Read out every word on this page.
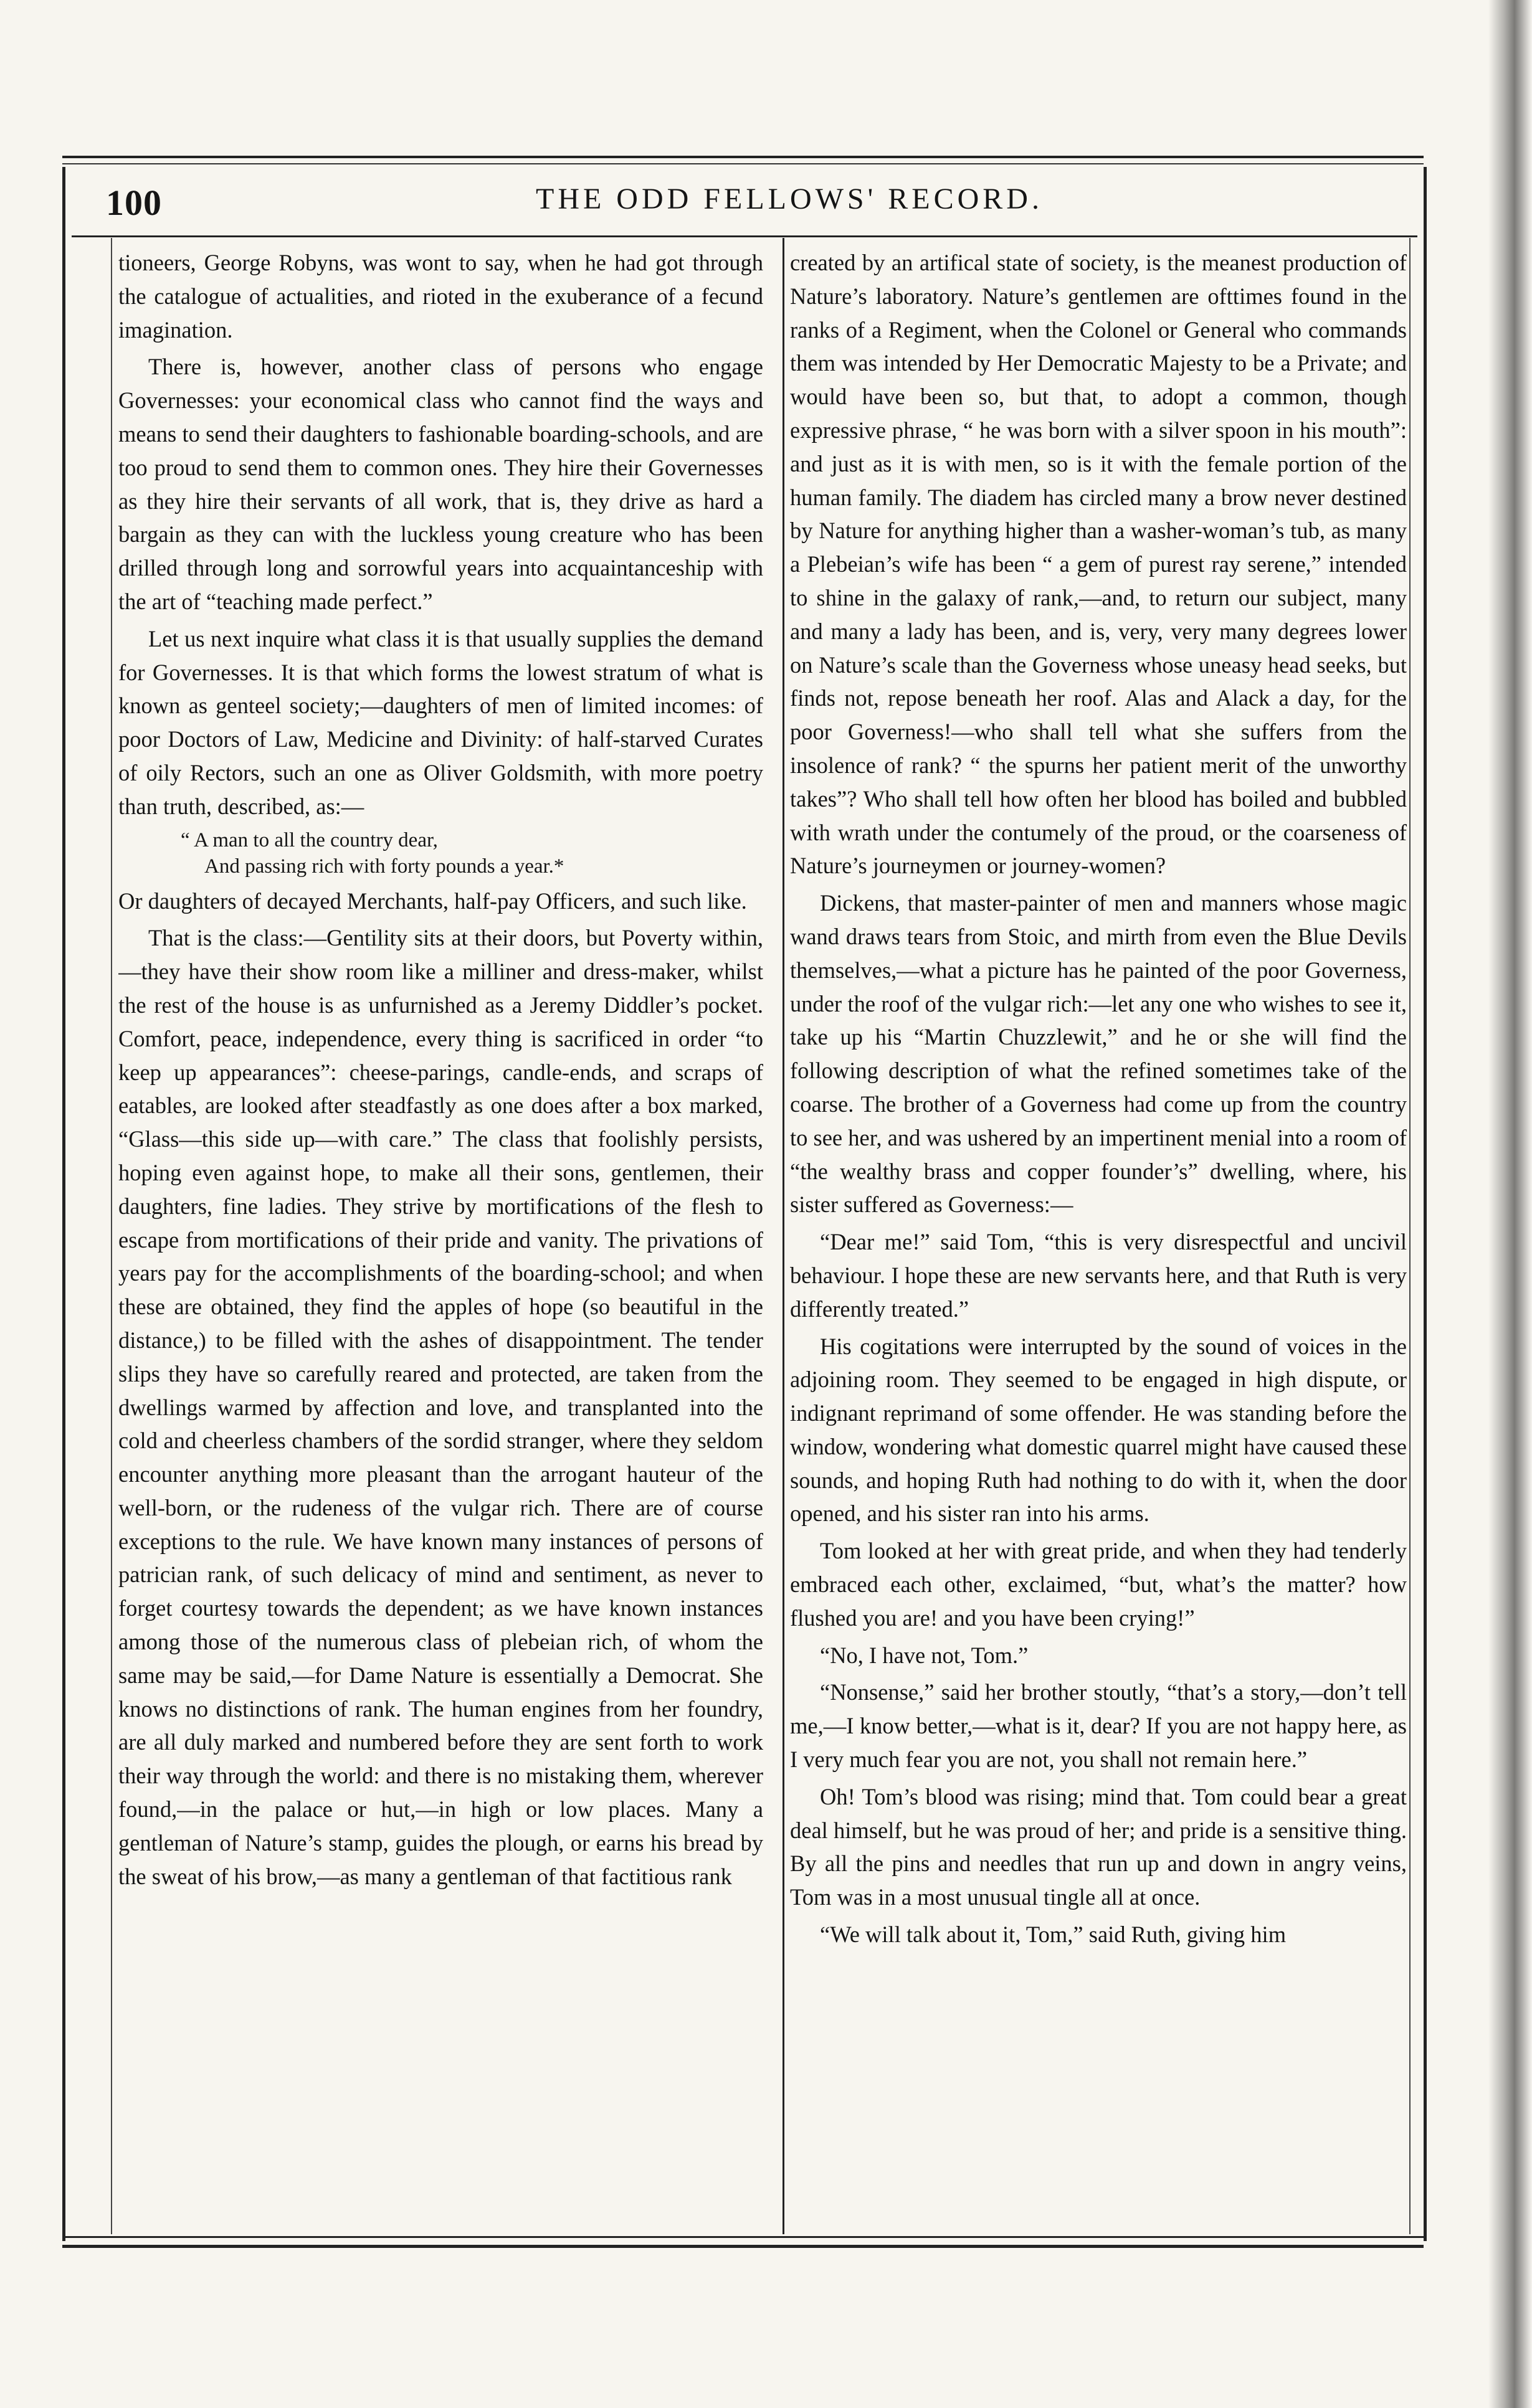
100	THE ODD FELLOWS' RECORD.

tioneers, George Robyns, was wont to say, when he had got through the catalogue of actualities, and rioted in the exuberance of a fecund imagination.

There is, however, another class of persons who engage Governesses: your economical class who cannot find the ways and means to send their daughters to fashionable boarding-schools, and are too proud to send them to common ones. They hire their Governesses as they hire their servants of all work, that is, they drive as hard a bargain as they can with the luckless young creature who has been drilled through long and sorrowful years into acquaintanceship with the art of “teaching made perfect.”

Let us next inquire what class it is that usually supplies the demand for Governesses. It is that which forms the lowest stratum of what is known as genteel society;—daughters of men of limited incomes: of poor Doctors of Law, Medicine and Divinity: of half-starved Curates of oily Rectors, such an one as Oliver Goldsmith, with more poetry than truth, described, as:—

“ A man to all the country dear,
And passing rich with forty pounds a year.*

Or daughters of decayed Merchants, half-pay Officers, and such like.

That is the class:—Gentility sits at their doors, but Poverty within,—they have their show room like a milliner and dress-maker, whilst the rest of the house is as unfurnished as a Jeremy Diddler’s pocket. Comfort, peace, independence, every thing is sacrificed in order “to keep up appearances”: cheese-parings, candle-ends, and scraps of eatables, are looked after steadfastly as one does after a box marked, “Glass—this side up—with care.” The class that foolishly persists, hoping even against hope, to make all their sons, gentlemen, their daughters, fine ladies. They strive by mortifications of the flesh to escape from mortifications of their pride and vanity. The privations of years pay for the accomplishments of the boarding-school; and when these are obtained, they find the apples of hope (so beautiful in the distance,) to be filled with the ashes of disappointment. The tender slips they have so carefully reared and protected, are taken from the dwellings warmed by affection and love, and transplanted into the cold and cheerless chambers of the sordid stranger, where they seldom encounter anything more pleasant than the arrogant hauteur of the well-born, or the rudeness of the vulgar rich. There are of course exceptions to the rule. We have known many instances of persons of patrician rank, of such delicacy of mind and sentiment, as never to forget courtesy towards the dependent; as we have known instances among those of the numerous class of plebeian rich, of whom the same may be said,—for Dame Nature is essentially a Democrat. She knows no distinctions of rank. The human engines from her foundry, are all duly marked and numbered before they are sent forth to work their way through the world: and there is no mistaking them, wherever found,—in the palace or hut,—in high or low places. Many a gentleman of Nature’s stamp, guides the plough, or earns his bread by the sweat of his brow,—as many a gentleman of that factitious rank

created by an artifical state of society, is the meanest production of Nature’s laboratory. Nature’s gentlemen are ofttimes found in the ranks of a Regiment, when the Colonel or General who commands them was intended by Her Democratic Majesty to be a Private; and would have been so, but that, to adopt a common, though expressive phrase, “ he was born with a silver spoon in his mouth”: and just as it is with men, so is it with the female portion of the human family. The diadem has circled many a brow never destined by Nature for anything higher than a washer-woman’s tub, as many a Plebeian’s wife has been “ a gem of purest ray serene,” intended to shine in the galaxy of rank,—and, to return our subject, many and many a lady has been, and is, very, very many degrees lower on Nature’s scale than the Governess whose uneasy head seeks, but finds not, repose beneath her roof. Alas and Alack a day, for the poor Governess!—who shall tell what she suffers from the insolence of rank? “ the spurns her patient merit of the unworthy takes”? Who shall tell how often her blood has boiled and bubbled with wrath under the contumely of the proud, or the coarseness of Nature’s journeymen or journey-women?

Dickens, that master-painter of men and manners whose magic wand draws tears from Stoic, and mirth from even the Blue Devils themselves,—what a picture has he painted of the poor Governess, under the roof of the vulgar rich:—let any one who wishes to see it, take up his “Martin Chuzzlewit,” and he or she will find the following description of what the refined sometimes take of the coarse. The brother of a Governess had come up from the country to see her, and was ushered by an impertinent menial into a room of “the wealthy brass and copper founder’s” dwelling, where, his sister suffered as Governess:—

“Dear me!” said Tom, “this is very disrespectful and uncivil behaviour. I hope these are new servants here, and that Ruth is very differently treated.”

His cogitations were interrupted by the sound of voices in the adjoining room. They seemed to be engaged in high dispute, or indignant reprimand of some offender. He was standing before the window, wondering what domestic quarrel might have caused these sounds, and hoping Ruth had nothing to do with it, when the door opened, and his sister ran into his arms.

Tom looked at her with great pride, and when they had tenderly embraced each other, exclaimed, “but, what’s the matter? how flushed you are! and you have been crying!”

“No, I have not, Tom.”

“Nonsense,” said her brother stoutly, “that’s a story,—don’t tell me,—I know better,—what is it, dear? If you are not happy here, as I very much fear you are not, you shall not remain here.”

Oh! Tom’s blood was rising; mind that. Tom could bear a great deal himself, but he was proud of her; and pride is a sensitive thing. By all the pins and needles that run up and down in angry veins, Tom was in a most unusual tingle all at once.

“We will talk about it, Tom,” said Ruth, giving him
